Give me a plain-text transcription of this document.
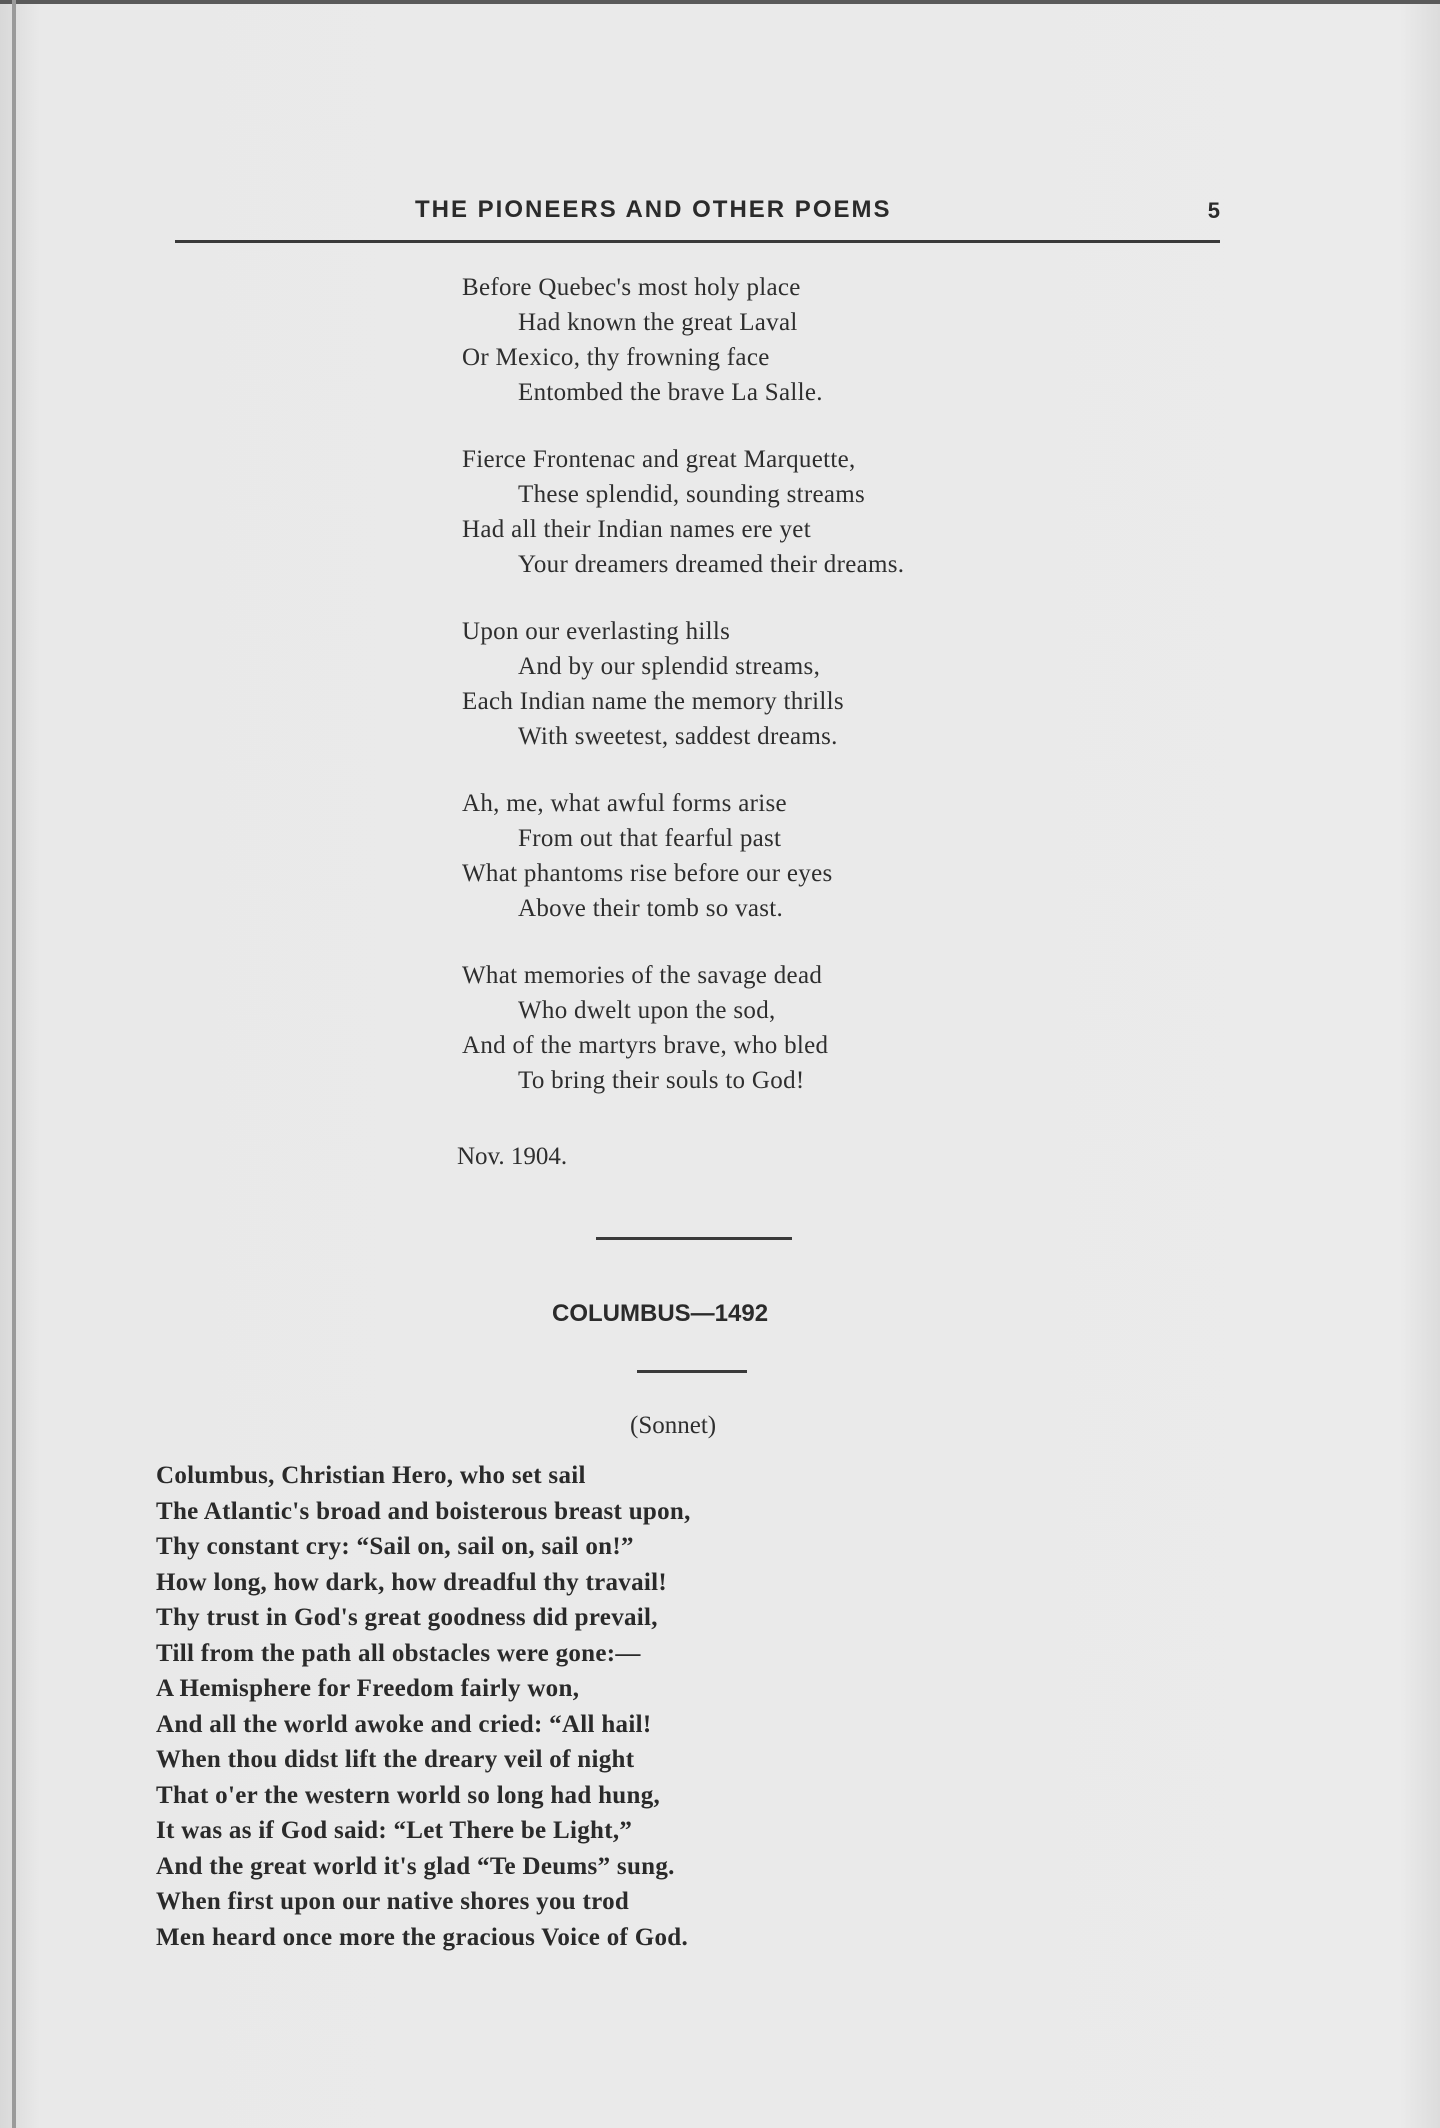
THE PIONEERS AND OTHER POEMS	5
Before Quebec's most holy place
Had known the great Laval
Or Mexico, thy frowning face
Entombed the brave La Salle.
Fierce Frontenac and great Marquette,
These splendid, sounding streams
Had all their Indian names ere yet
Your dreamers dreamed their dreams.
Upon our everlasting hills
And by our splendid streams,
Each Indian name the memory thrills
With sweetest, saddest dreams.
Ah, me, what awful forms arise
From out that fearful past
What phantoms rise before our eyes
Above their tomb so vast.
What memories of the savage dead
Who dwelt upon the sod,
And of the martyrs brave, who bled
To bring their souls to God!
Nov. 1904.
COLUMBUS—1492
(Sonnet)
Columbus, Christian Hero, who set sail
The Atlantic's broad and boisterous breast upon,
Thy constant cry: “Sail on, sail on, sail on!”
How long, how dark, how dreadful thy travail!
Thy trust in God's great goodness did prevail,
Till from the path all obstacles were gone:—
A Hemisphere for Freedom fairly won,
And all the world awoke and cried: “All hail!
When thou didst lift the dreary veil of night
That o'er the western world so long had hung,
It was as if God said: “Let There be Light,”
And the great world it's glad “Te Deums” sung.
When first upon our native shores you trod
Men heard once more the gracious Voice of God.
